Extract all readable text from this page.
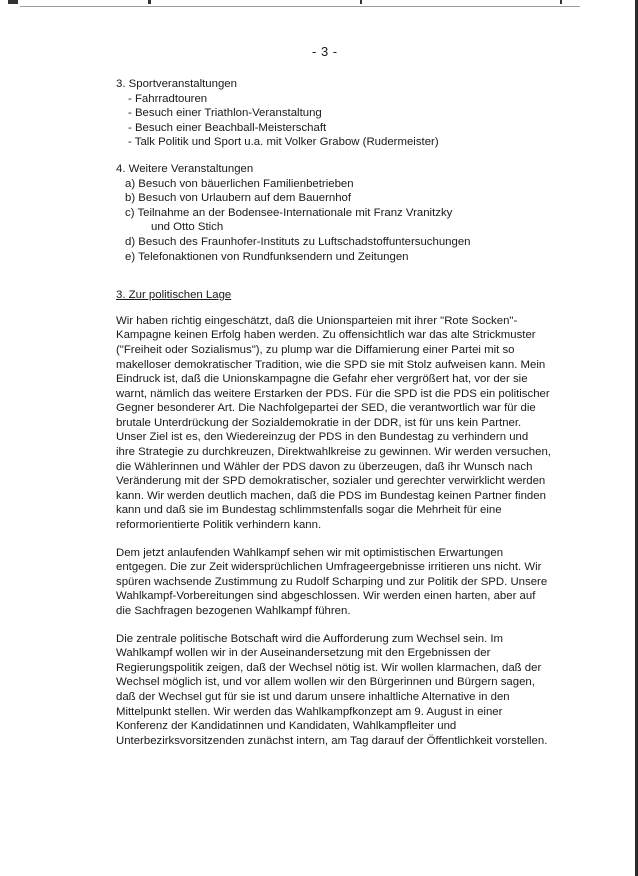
- 3 -
3. Sportveranstaltungen
- Fahrradtouren
- Besuch einer Triathlon-Veranstaltung
- Besuch einer Beachball-Meisterschaft
- Talk Politik und Sport u.a. mit Volker Grabow (Rudermeister)
4. Weitere Veranstaltungen
a) Besuch von bäuerlichen Familienbetrieben
b) Besuch von Urlaubern auf dem Bauernhof
c) Teilnahme an der Bodensee-Internationale mit Franz Vranitzky
und Otto Stich
d) Besuch des Fraunhofer-Instituts zu Luftschadstoffuntersuchungen
e) Telefonaktionen von Rundfunksendern und Zeitungen
3. Zur politischen Lage
Wir haben richtig eingeschätzt, daß die Unionsparteien mit ihrer "Rote Socken"-
Kampagne keinen Erfolg haben werden. Zu offensichtlich war das alte Strickmuster
("Freiheit oder Sozialismus"), zu plump war die Diffamierung einer Partei mit so
makelloser demokratischer Tradition, wie die SPD sie mit Stolz aufweisen kann. Mein
Eindruck ist, daß die Unionskampagne die Gefahr eher vergrößert hat, vor der sie
warnt, nämlich das weitere Erstarken der PDS. Für die SPD ist die PDS ein politischer
Gegner besonderer Art. Die Nachfolgepartei der SED, die verantwortlich war für die
brutale Unterdrückung der Sozialdemokratie in der DDR, ist für uns kein Partner.
Unser Ziel ist es, den Wiedereinzug der PDS in den Bundestag zu verhindern und
ihre Strategie zu durchkreuzen, Direktwahlkreise zu gewinnen. Wir werden versuchen,
die Wählerinnen und Wähler der PDS davon zu überzeugen, daß ihr Wunsch nach
Veränderung mit der SPD demokratischer, sozialer und gerechter verwirklicht werden
kann. Wir werden deutlich machen, daß die PDS im Bundestag keinen Partner finden
kann und daß sie im Bundestag schlimmstenfalls sogar die Mehrheit für eine
reformorientierte Politik verhindern kann.
Dem jetzt anlaufenden Wahlkampf sehen wir mit optimistischen Erwartungen
entgegen. Die zur Zeit widersprüchlichen Umfrageergebnisse irritieren uns nicht. Wir
spüren wachsende Zustimmung zu Rudolf Scharping und zur Politik der SPD. Unsere
Wahlkampf-Vorbereitungen sind abgeschlossen. Wir werden einen harten, aber auf
die Sachfragen bezogenen Wahlkampf führen.
Die zentrale politische Botschaft wird die Aufforderung zum Wechsel sein. Im
Wahlkampf wollen wir in der Auseinandersetzung mit den Ergebnissen der
Regierungspolitik zeigen, daß der Wechsel nötig ist. Wir wollen klarmachen, daß der
Wechsel möglich ist, und vor allem wollen wir den Bürgerinnen und Bürgern sagen,
daß der Wechsel gut für sie ist und darum unsere inhaltliche Alternative in den
Mittelpunkt stellen. Wir werden das Wahlkampfkonzept am 9. August in einer
Konferenz der Kandidatinnen und Kandidaten, Wahlkampfleiter und
Unterbezirksvorsitzenden zunächst intern, am Tag darauf der Öffentlichkeit vorstellen.
